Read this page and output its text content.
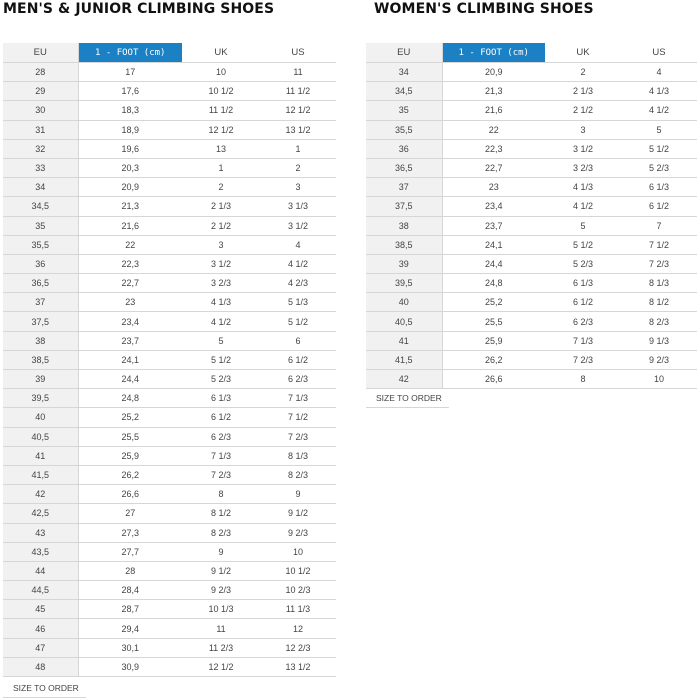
MEN'S & JUNIOR CLIMBING SHOES
EU	1 - FOOT (cm)	UK	US
28	17	10	11
29	17,6	10 1/2	11 1/2
30	18,3	11 1/2	12 1/2
31	18,9	12 1/2	13 1/2
32	19,6	13	1
33	20,3	1	2
34	20,9	2	3
34,5	21,3	2 1/3	3 1/3
35	21,6	2 1/2	3 1/2
35,5	22	3	4
36	22,3	3 1/2	4 1/2
36,5	22,7	3 2/3	4 2/3
37	23	4 1/3	5 1/3
37,5	23,4	4 1/2	5 1/2
38	23,7	5	6
38,5	24,1	5 1/2	6 1/2
39	24,4	5 2/3	6 2/3
39,5	24,8	6 1/3	7 1/3
40	25,2	6 1/2	7 1/2
40,5	25,5	6 2/3	7 2/3
41	25,9	7 1/3	8 1/3
41,5	26,2	7 2/3	8 2/3
42	26,6	8	9
42,5	27	8 1/2	9 1/2
43	27,3	8 2/3	9 2/3
43,5	27,7	9	10
44	28	9 1/2	10 1/2
44,5	28,4	9 2/3	10 2/3
45	28,7	10 1/3	11 1/3
46	29,4	11	12
47	30,1	11 2/3	12 2/3
48	30,9	12 1/2	13 1/2
SIZE TO ORDER
WOMEN'S CLIMBING SHOES
EU	1 - FOOT (cm)	UK	US
34	20,9	2	4
34,5	21,3	2 1/3	4 1/3
35	21,6	2 1/2	4 1/2
35,5	22	3	5
36	22,3	3 1/2	5 1/2
36,5	22,7	3 2/3	5 2/3
37	23	4 1/3	6 1/3
37,5	23,4	4 1/2	6 1/2
38	23,7	5	7
38,5	24,1	5 1/2	7 1/2
39	24,4	5 2/3	7 2/3
39,5	24,8	6 1/3	8 1/3
40	25,2	6 1/2	8 1/2
40,5	25,5	6 2/3	8 2/3
41	25,9	7 1/3	9 1/3
41,5	26,2	7 2/3	9 2/3
42	26,6	8	10
SIZE TO ORDER
